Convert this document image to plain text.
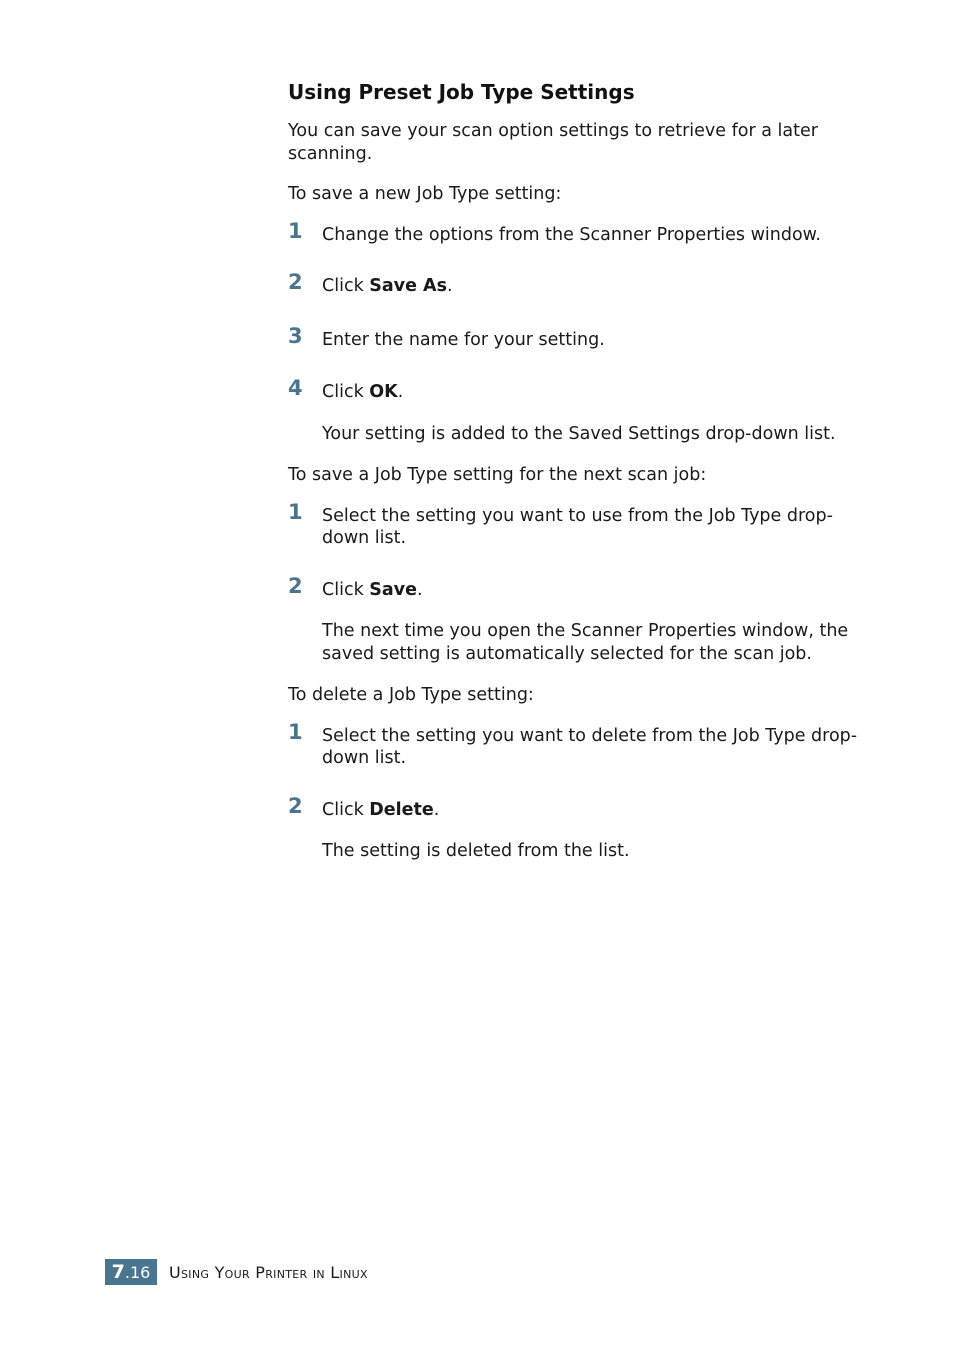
Using Preset Job Type Settings

You can save your scan option settings to retrieve for a later scanning.

To save a new Job Type setting:

1 Change the options from the Scanner Properties window.
2 Click Save As.
3 Enter the name for your setting.
4 Click OK.

Your setting is added to the Saved Settings drop-down list.

To save a Job Type setting for the next scan job:

1 Select the setting you want to use from the Job Type drop-down list.
2 Click Save.

The next time you open the Scanner Properties window, the saved setting is automatically selected for the scan job.

To delete a Job Type setting:

1 Select the setting you want to delete from the Job Type drop-down list.
2 Click Delete.

The setting is deleted from the list.

7 .16 Using Your Printer in Linux
